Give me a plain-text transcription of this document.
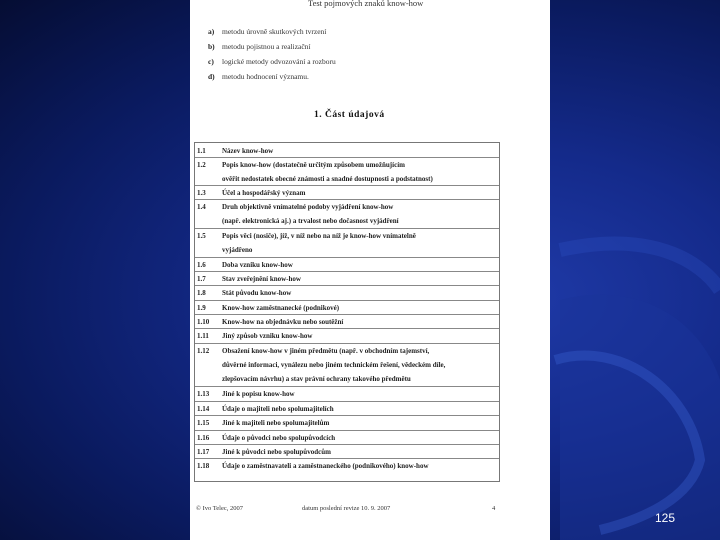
Test pojmových znaků know-how
a) metodu úrovně skutkových tvrzení
b) metodu pojistnou a realizační
c) logické metody odvozování a rozboru
d) metodu hodnocení významu.
1. Část údajová
1.1	Název know-how
1.2	Popis know-how (dostatečně určitým způsobem umožňujícím
ověřit nedostatek obecné známosti a snadné dostupnosti a podstatnost)
1.3	Účel a hospodářský význam
1.4	Druh objektivně vnímatelné podoby vyjádření know-how
(např. elektronická aj.) a trvalost nebo dočasnost vyjádření
1.5	Popis věci (nosiče), jíž, v níž nebo na níž je know-how vnímatelně
vyjádřeno
1.6	Doba vzniku know-how
1.7	Stav zveřejnění know-how
1.8	Stát původu know-how
1.9	Know-how zaměstnanecké (podnikové)
1.10	Know-how na objednávku nebo soutěžní
1.11	Jiný způsob vzniku know-how
1.12	Obsažení know-how v jiném předmětu (např. v obchodním tajemství,
důvěrné informaci, vynálezu nebo jiném technickém řešení, vědeckém díle,
zlepšovacím návrhu) a stav právní ochrany takového předmětu
1.13	Jiné k popisu know-how
1.14	Údaje o majiteli nebo spolumajitelích
1.15	Jiné k majiteli nebo spolumajitelům
1.16	Údaje o původci nebo spolupůvodcích
1.17	Jiné k původci nebo spolupůvodcům
1.18	Údaje o zaměstnavateli a zaměstnaneckého (podnikového) know-how
© Ivo Telec, 2007	datum poslední revize 10. 9. 2007	4
125
